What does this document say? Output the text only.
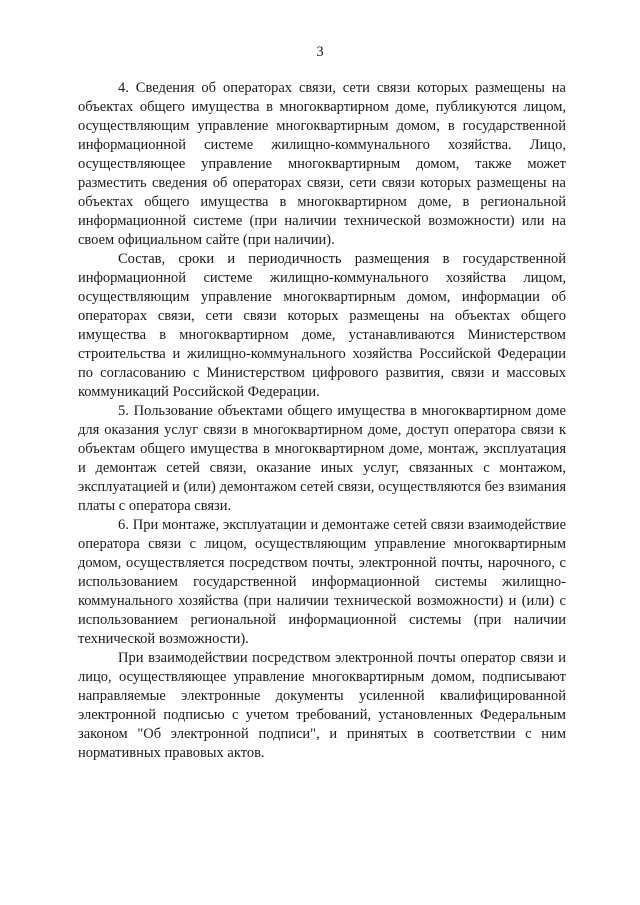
3

4. Сведения об операторах связи, сети связи которых размещены на объектах общего имущества в многоквартирном доме, публикуются лицом, осуществляющим управление многоквартирным домом, в государственной информационной системе жилищно-коммунального хозяйства. Лицо, осуществляющее управление многоквартирным домом, также может разместить сведения об операторах связи, сети связи которых размещены на объектах общего имущества в многоквартирном доме, в региональной информационной системе (при наличии технической возможности) или на своем официальном сайте (при наличии).

Состав, сроки и периодичность размещения в государственной информационной системе жилищно-коммунального хозяйства лицом, осуществляющим управление многоквартирным домом, информации об операторах связи, сети связи которых размещены на объектах общего имущества в многоквартирном доме, устанавливаются Министерством строительства и жилищно-коммунального хозяйства Российской Федерации по согласованию с Министерством цифрового развития, связи и массовых коммуникаций Российской Федерации.

5. Пользование объектами общего имущества в многоквартирном доме для оказания услуг связи в многоквартирном доме, доступ оператора связи к объектам общего имущества в многоквартирном доме, монтаж, эксплуатация и демонтаж сетей связи, оказание иных услуг, связанных с монтажом, эксплуатацией и (или) демонтажом сетей связи, осуществляются без взимания платы с оператора связи.

6. При монтаже, эксплуатации и демонтаже сетей связи взаимодействие оператора связи с лицом, осуществляющим управление многоквартирным домом, осуществляется посредством почты, электронной почты, нарочного, с использованием государственной информационной системы жилищно-коммунального хозяйства (при наличии технической возможности) и (или) с использованием региональной информационной системы (при наличии технической возможности).

При взаимодействии посредством электронной почты оператор связи и лицо, осуществляющее управление многоквартирным домом, подписывают направляемые электронные документы усиленной квалифицированной электронной подписью с учетом требований, установленных Федеральным законом "Об электронной подписи", и принятых в соответствии с ним нормативных правовых актов.
